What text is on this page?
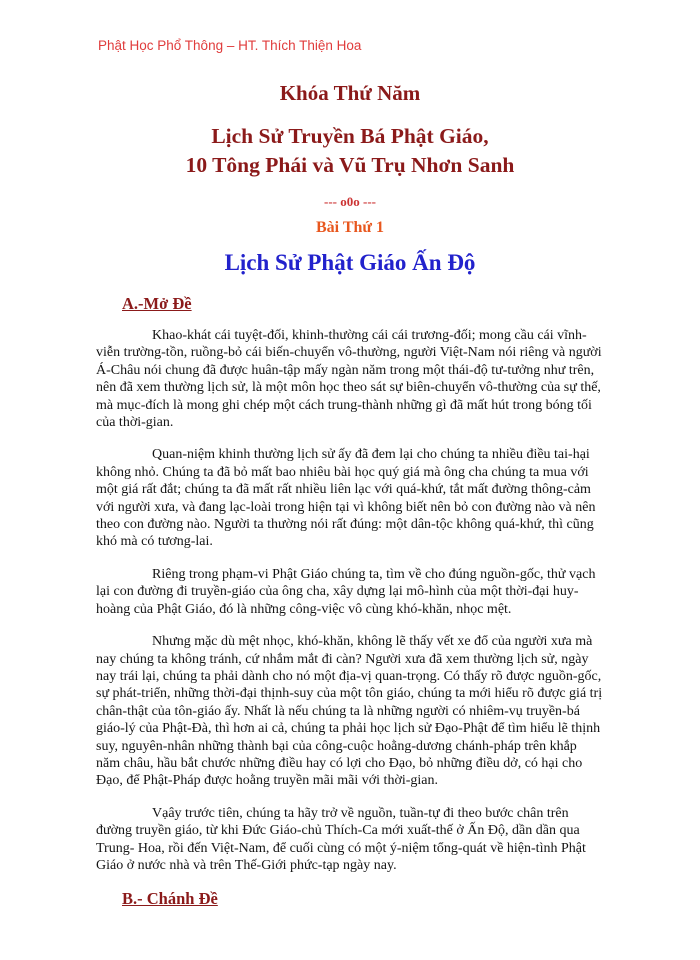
Phật Học Phổ Thông – HT. Thích Thiện Hoa
Khóa Thứ Năm
Lịch Sử Truyền Bá Phật Giáo,
10 Tông Phái và Vũ Trụ Nhơn Sanh
--- o0o ---
Bài Thứ 1
Lịch Sử Phật Giáo Ấn Độ
A.-Mở Đề

Khao-khát cái tuyệt-đối, khinh-thường cái cái trương-đối; mong cầu cái vĩnh-viễn trường-tồn, ruồng-bỏ cái biến-chuyển vô-thường, người Việt-Nam nói riêng và người Á-Châu nói chung đã được huân-tập mấy ngàn năm trong một thái-độ tư-tưởng như trên, nên đã xem thường lịch sử, là một môn học theo sát sự biên-chuyển vô-thường của sự thế, mà mục-đích là mong ghi chép một cách trung-thành những gì đã mất hút trong bóng tối của thời-gian.

Quan-niệm khinh thường lịch sử ấy đã đem lại cho chúng ta nhiều điều tai-hại không nhỏ. Chúng ta đã bỏ mất bao nhiêu bài học quý giá mà ông cha chúng ta mua với một giá rất đắt; chúng ta đã mất rất nhiều liên lạc với quá-khứ, tắt mất đường thông-cảm với người xưa, và đang lạc-loài trong hiện tại vì không biết nên bỏ con đường nào và nên theo con đường nào. Người ta thường nói rất đúng: một dân-tộc không quá-khứ, thì cũng khó mà có tương-lai.

Riêng trong phạm-vi Phật Giáo chúng ta, tìm về cho đúng nguồn-gốc, thử vạch lại con đường đi truyền-giáo của ông cha, xây dựng lại mô-hình của một thời-đại huy-hoàng của Phật Giáo, đó là những công-việc vô cùng khó-khăn, nhọc mệt.

Nhưng mặc dù mệt nhọc, khó-khăn, không lẽ thấy vết xe đổ của người xưa mà nay chúng ta không tránh, cứ nhắm mắt đi càn? Người xưa đã xem thường lịch sử, ngày nay trái lại, chúng ta phải dành cho nó một địa-vị quan-trọng. Có thấy rõ được nguồn-gốc, sự phát-triển, những thời-đại thịnh-suy của một tôn giáo, chúng ta mới hiểu rõ được giá trị chân-thật của tôn-giáo ấy. Nhất là nếu chúng ta là những người có nhiêm-vụ truyền-bá giáo-lý của Phật-Đà, thì hơn ai cả, chúng ta phải học lịch sử Đạo-Phật để tìm hiểu lẽ thịnh suy, nguyên-nhân những thành bại của công-cuộc hoằng-dương chánh-pháp trên khắp năm châu, hầu bắt chước những điều hay có lợi cho Đạo, bỏ những điều dở, có hại cho Đạo, để Phật-Pháp được hoằng truyền mãi mãi với thời-gian.

Vạây trước tiên, chúng ta hãy trở về nguồn, tuần-tự đi theo bước chân trên đường truyền giáo, từ khi Đức Giáo-chủ Thích-Ca mới xuất-thế ở Ấn Độ, dần dần qua Trung- Hoa, rồi đến Việt-Nam, để cuối cùng có một ý-niệm tổng-quát về hiện-tình Phật Giáo ở nước nhà và trên Thế-Giới phức-tạp ngày nay.

B.- Chánh Đề
